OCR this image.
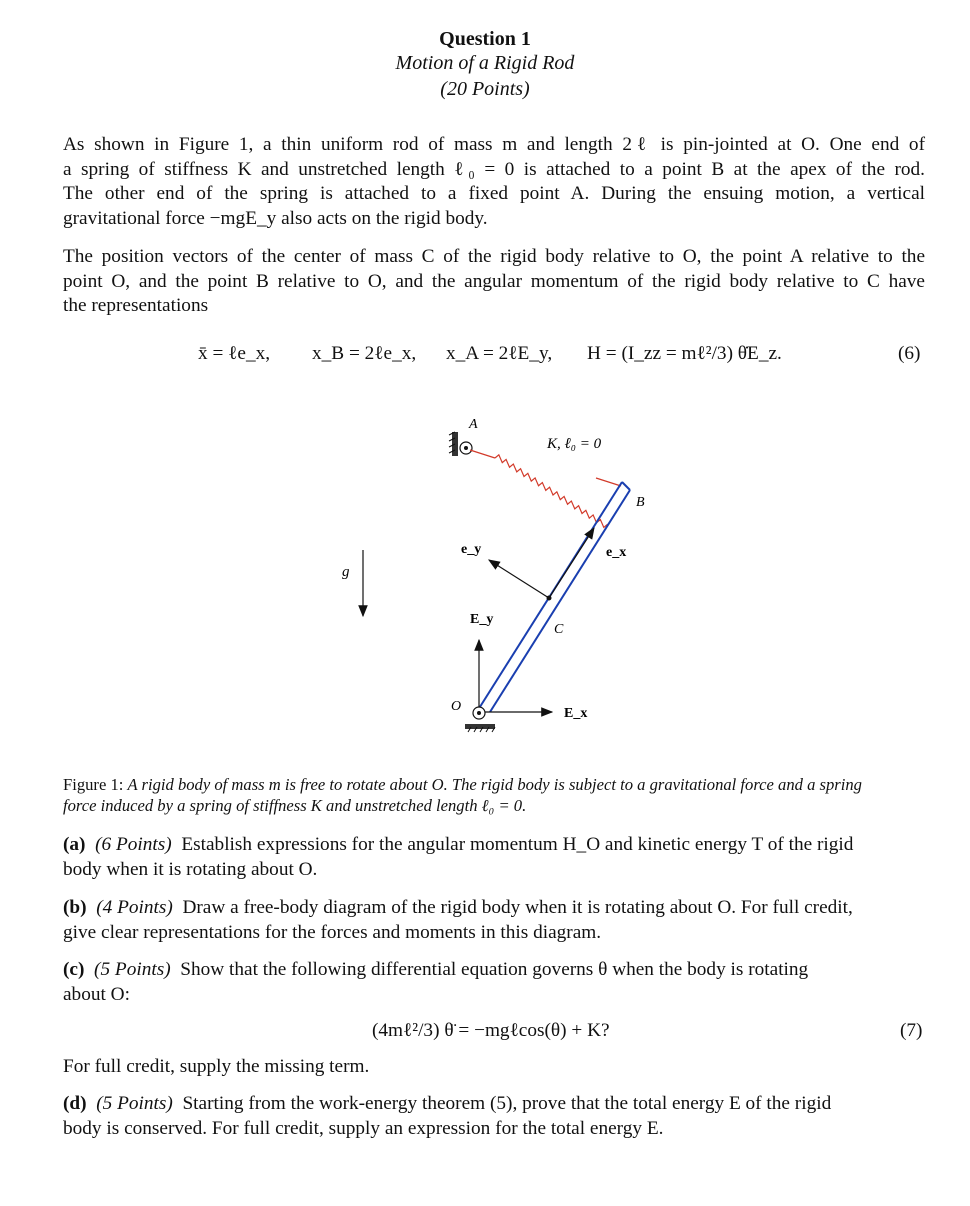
Question 1
Motion of a Rigid Rod
(20 Points)
As shown in Figure 1, a thin uniform rod of mass m and length 2ℓ is pin-jointed at O. One end of
a spring of stiffness K and unstretched length ℓ₀ = 0 is attached to a point B at the apex of the rod.
The other end of the spring is attached to a fixed point A. During the ensuing motion, a vertical
gravitational force −mgE_y also acts on the rigid body.
The position vectors of the center of mass C of the rigid body relative to O, the point A relative to the
point O, and the point B relative to O, and the angular momentum of the rigid body relative to C have
the representations
x̄ = ℓe_x, x_B = 2ℓe_x, x_A = 2ℓE_y, H = (I_zz = mℓ²/3) θ̇E_z.	(6)
A
K, ℓ₀ = 0
B
e_x
e_y
C
g
E_y
E_x
O
Figure 1: A rigid body of mass m is free to rotate about O. The rigid body is subject to a gravitational force and a spring
force induced by a spring of stiffness K and unstretched length ℓ₀ = 0.
(a) (6 Points) Establish expressions for the angular momentum H_O and kinetic energy T of the rigid
body when it is rotating about O.
(b) (4 Points) Draw a free-body diagram of the rigid body when it is rotating about O. For full credit,
give clear representations for the forces and moments in this diagram.
(c) (5 Points) Show that the following differential equation governs θ when the body is rotating
about O:
(4mℓ²/3) θ̈ = −mgℓcos(θ) + K?	(7)
For full credit, supply the missing term.
(d) (5 Points) Starting from the work-energy theorem (5), prove that the total energy E of the rigid
body is conserved. For full credit, supply an expression for the total energy E.
